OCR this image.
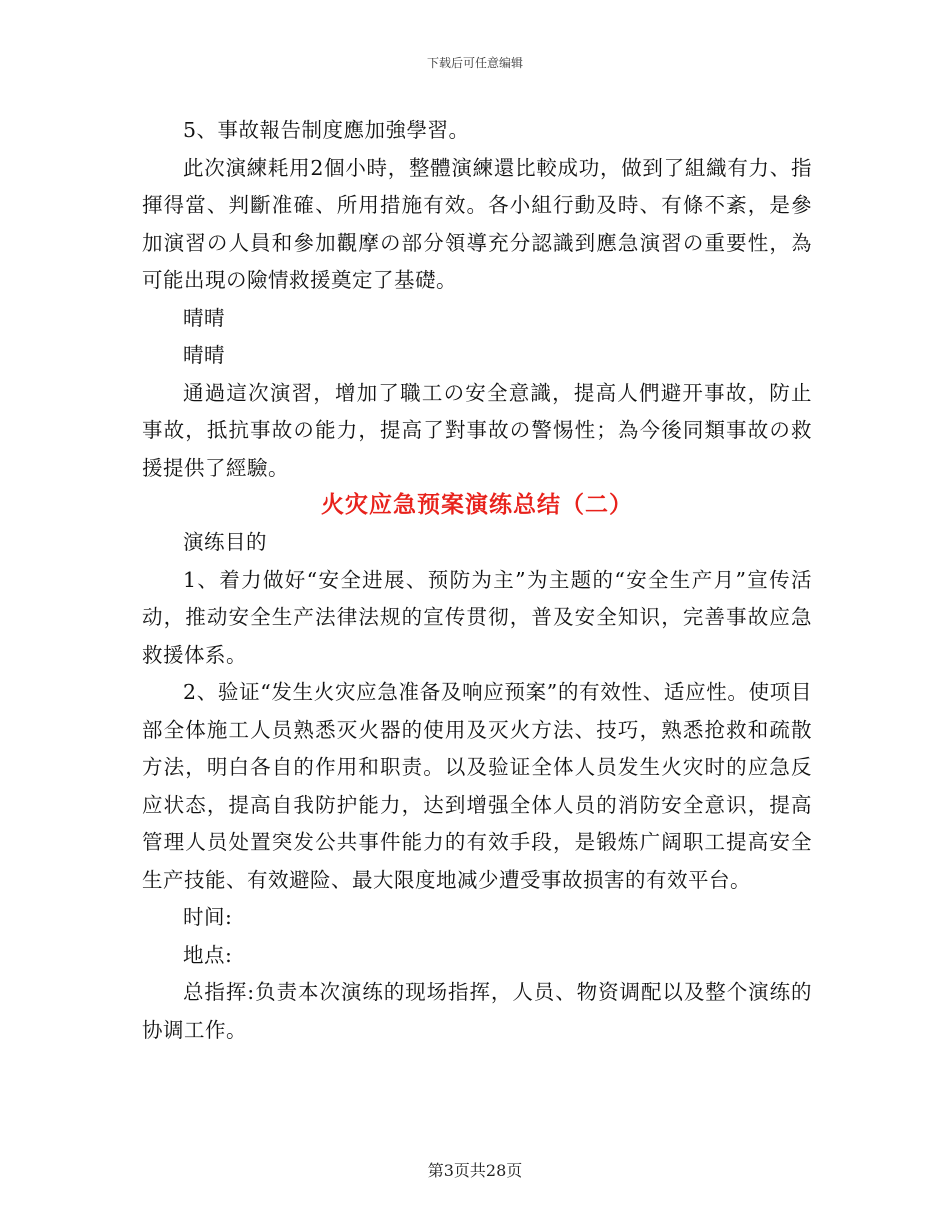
下载后可任意编辑

5、事故報告制度應加強學習。

此次演練耗用2個小時，整體演練還比較成功，做到了組織有力、指揮得當、判斷准確、所用措施有效。各小組行動及時、有條不紊，是參加演習の人員和參加觀摩の部分領導充分認識到應急演習の重要性，為可能出現の險情救援奠定了基礎。

晴晴

晴晴

通過這次演習，增加了職工の安全意識，提高人們避开事故，防止事故，抵抗事故の能力，提高了對事故の警惕性；為今後同類事故の救援提供了經驗。

火灾应急预案演练总结（二）

演练目的

1、着力做好“安全进展、预防为主”为主题的“安全生产月”宣传活动，推动安全生产法律法规的宣传贯彻，普及安全知识，完善事故应急救援体系。

2、验证“发生火灾应急准备及响应预案”的有效性、适应性。使项目部全体施工人员熟悉灭火器的使用及灭火方法、技巧，熟悉抢救和疏散方法，明白各自的作用和职责。以及验证全体人员发生火灾时的应急反应状态，提高自我防护能力，达到增强全体人员的消防安全意识，提高管理人员处置突发公共事件能力的有效手段，是锻炼广阔职工提高安全生产技能、有效避险、最大限度地减少遭受事故损害的有效平台。

时间:

地点:

总指挥:负责本次演练的现场指挥，人员、物资调配以及整个演练的协调工作。

第3页共28页
